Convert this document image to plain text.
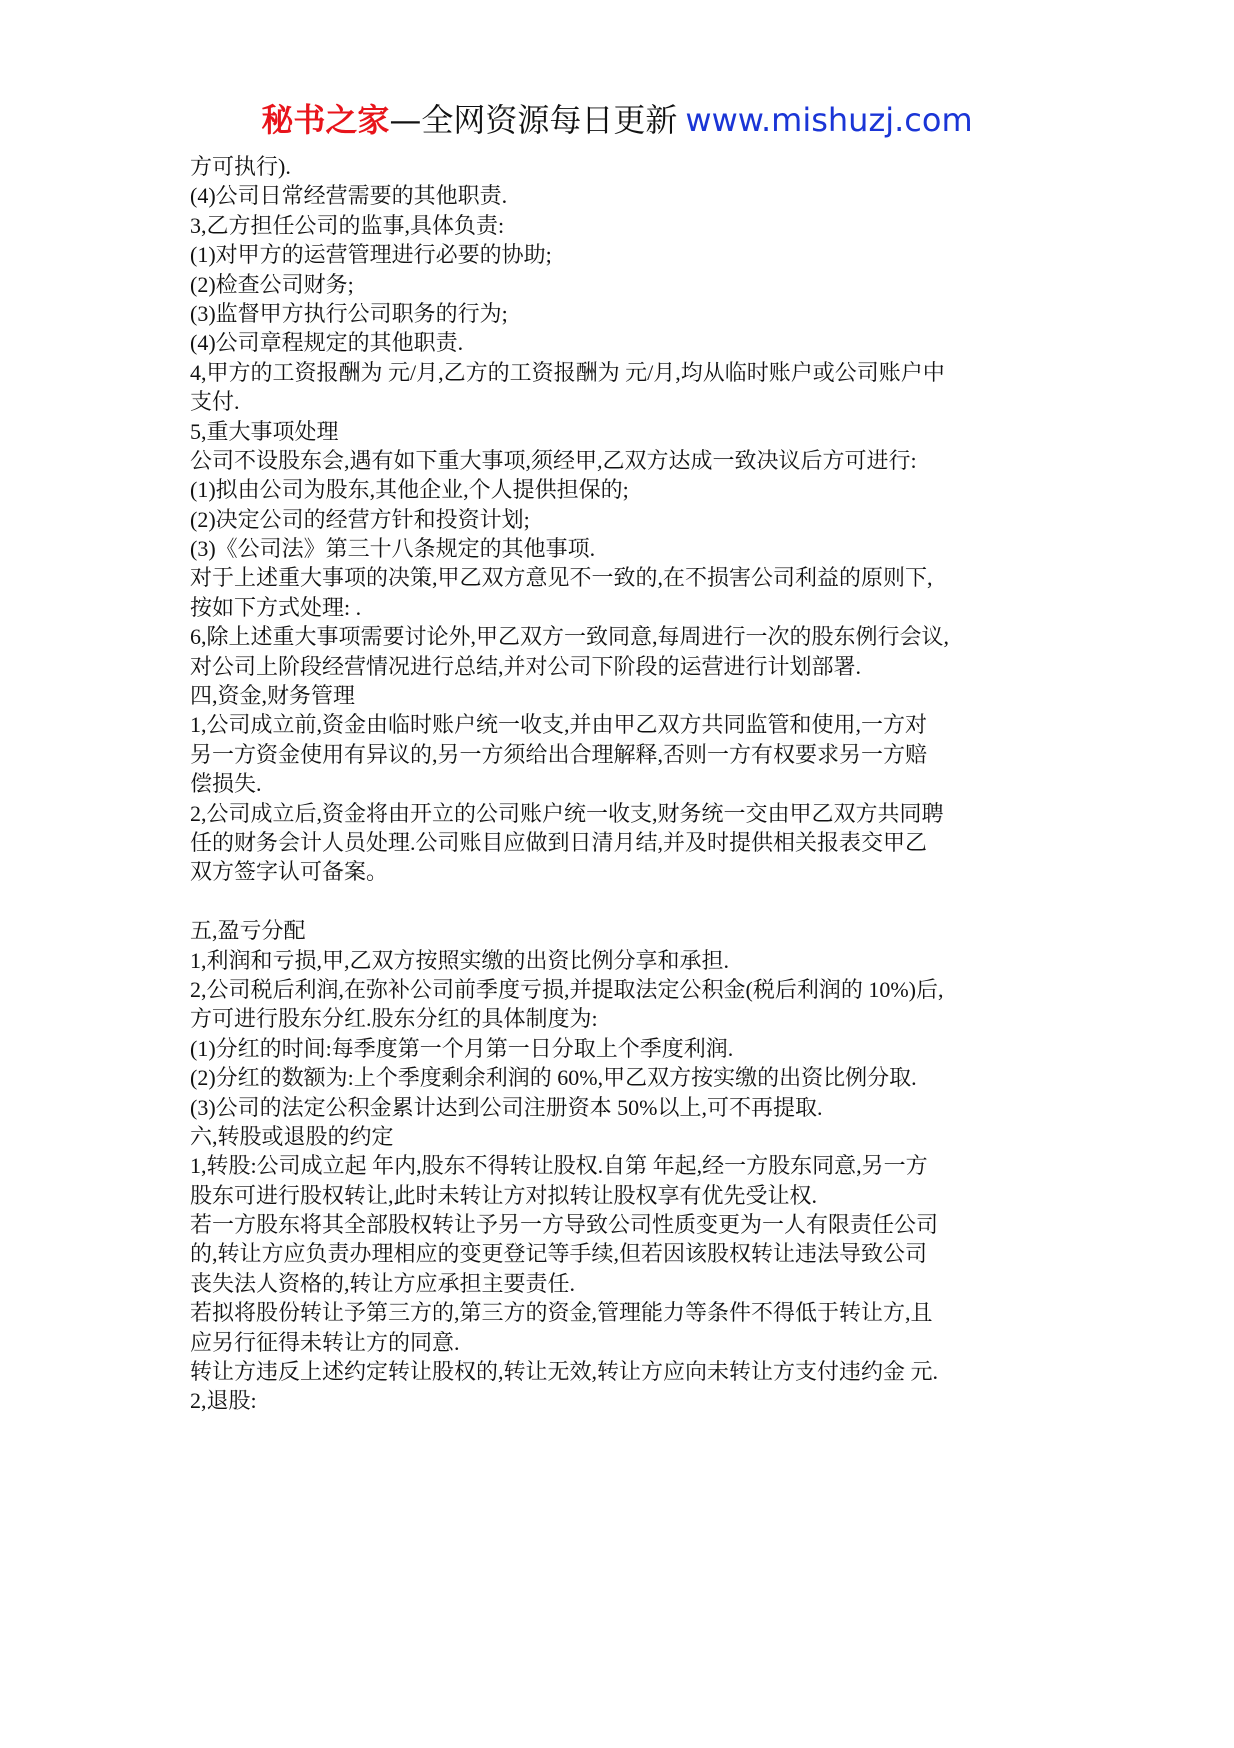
秘书之家—全网资源每日更新 www.mishuzj.com
方可执行).
(4)公司日常经营需要的其他职责.
3,乙方担任公司的监事,具体负责:
(1)对甲方的运营管理进行必要的协助;
(2)检查公司财务;
(3)监督甲方执行公司职务的行为;
(4)公司章程规定的其他职责.
4,甲方的工资报酬为 元/月,乙方的工资报酬为 元/月,均从临时账户或公司账户中
支付.
5,重大事项处理
公司不设股东会,遇有如下重大事项,须经甲,乙双方达成一致决议后方可进行:
(1)拟由公司为股东,其他企业,个人提供担保的;
(2)决定公司的经营方针和投资计划;
(3)《公司法》第三十八条规定的其他事项.
对于上述重大事项的决策,甲乙双方意见不一致的,在不损害公司利益的原则下,
按如下方式处理: .
6,除上述重大事项需要讨论外,甲乙双方一致同意,每周进行一次的股东例行会议,
对公司上阶段经营情况进行总结,并对公司下阶段的运营进行计划部署.
四,资金,财务管理
1,公司成立前,资金由临时账户统一收支,并由甲乙双方共同监管和使用,一方对
另一方资金使用有异议的,另一方须给出合理解释,否则一方有权要求另一方赔
偿损失.
2,公司成立后,资金将由开立的公司账户统一收支,财务统一交由甲乙双方共同聘
任的财务会计人员处理.公司账目应做到日清月结,并及时提供相关报表交甲乙
双方签字认可备案。
五,盈亏分配
1,利润和亏损,甲,乙双方按照实缴的出资比例分享和承担.
2,公司税后利润,在弥补公司前季度亏损,并提取法定公积金(税后利润的 10%)后,
方可进行股东分红.股东分红的具体制度为:
(1)分红的时间:每季度第一个月第一日分取上个季度利润.
(2)分红的数额为:上个季度剩余利润的 60%,甲乙双方按实缴的出资比例分取.
(3)公司的法定公积金累计达到公司注册资本 50%以上,可不再提取.
六,转股或退股的约定
1,转股:公司成立起 年内,股东不得转让股权.自第 年起,经一方股东同意,另一方
股东可进行股权转让,此时未转让方对拟转让股权享有优先受让权.
若一方股东将其全部股权转让予另一方导致公司性质变更为一人有限责任公司
的,转让方应负责办理相应的变更登记等手续,但若因该股权转让违法导致公司
丧失法人资格的,转让方应承担主要责任.
若拟将股份转让予第三方的,第三方的资金,管理能力等条件不得低于转让方,且
应另行征得未转让方的同意.
转让方违反上述约定转让股权的,转让无效,转让方应向未转让方支付违约金 元.
2,退股:
